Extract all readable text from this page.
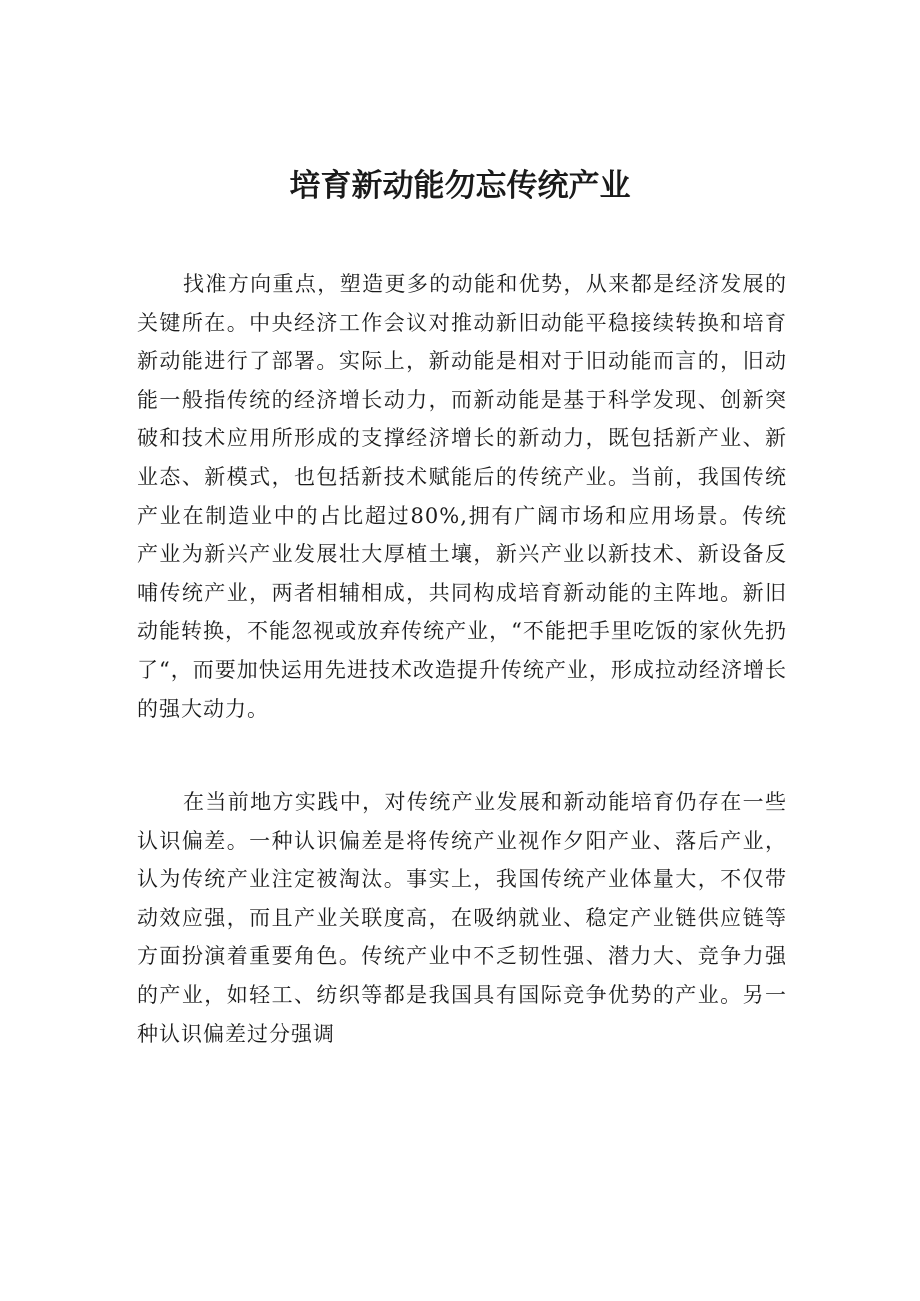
培育新动能勿忘传统产业

找准方向重点，塑造更多的动能和优势，从来都是经济发展的关键所在。中央经济工作会议对推动新旧动能平稳接续转换和培育新动能进行了部署。实际上，新动能是相对于旧动能而言的，旧动能一般指传统的经济增长动力，而新动能是基于科学发现、创新突破和技术应用所形成的支撑经济增长的新动力，既包括新产业、新业态、新模式，也包括新技术赋能后的传统产业。当前，我国传统产业在制造业中的占比超过80%,拥有广阔市场和应用场景。传统产业为新兴产业发展壮大厚植土壤，新兴产业以新技术、新设备反哺传统产业，两者相辅相成，共同构成培育新动能的主阵地。新旧动能转换，不能忽视或放弃传统产业，“不能把手里吃饭的家伙先扔了“，而要加快运用先进技术改造提升传统产业，形成拉动经济增长的强大动力。

在当前地方实践中，对传统产业发展和新动能培育仍存在一些认识偏差。一种认识偏差是将传统产业视作夕阳产业、落后产业，认为传统产业注定被淘汰。事实上，我国传统产业体量大，不仅带动效应强，而且产业关联度高，在吸纳就业、稳定产业链供应链等方面扮演着重要角色。传统产业中不乏韧性强、潜力大、竞争力强的产业，如轻工、纺织等都是我国具有国际竞争优势的产业。另一种认识偏差过分强调
